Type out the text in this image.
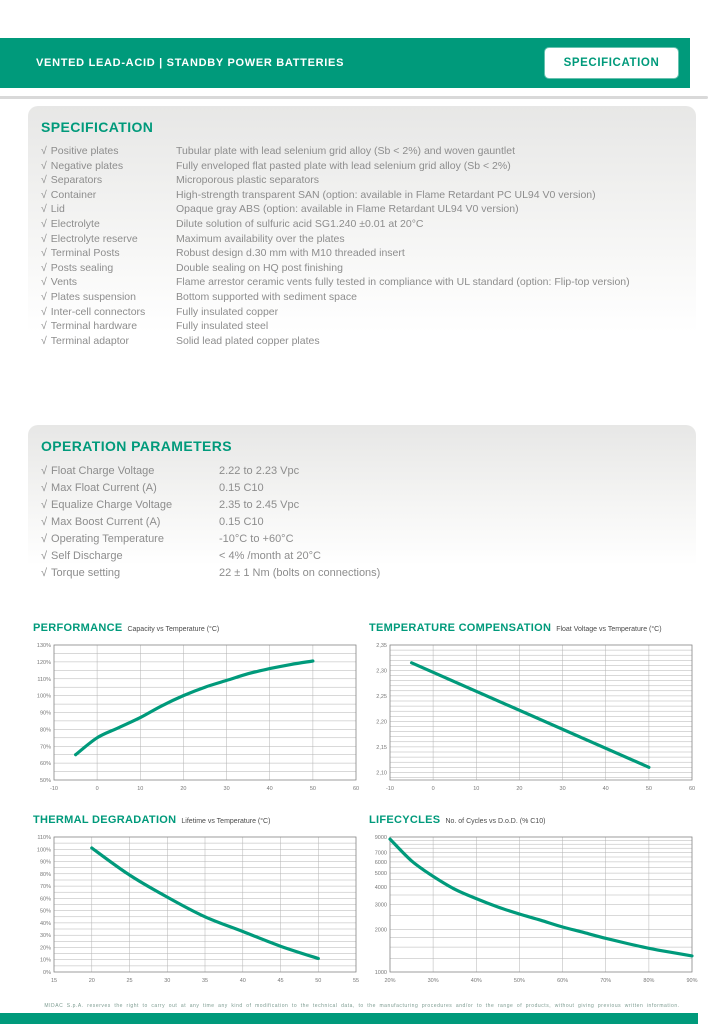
VENTED LEAD-ACID | STANDBY POWER BATTERIES	SPECIFICATION
SPECIFICATION
√ Positive plates	Tubular plate with lead selenium grid alloy (Sb < 2%) and woven gauntlet
√ Negative plates	Fully enveloped flat pasted plate with lead selenium grid alloy (Sb < 2%)
√ Separators	Microporous plastic separators
√ Container	High-strength transparent SAN (option: available in Flame Retardant PC UL94 V0 version)
√ Lid	Opaque gray ABS (option: available in Flame Retardant UL94 V0 version)
√ Electrolyte	Dilute solution of sulfuric acid SG1.240 ±0.01 at 20°C
√ Electrolyte reserve	Maximum availability over the plates
√ Terminal Posts	Robust design d.30 mm with M10 threaded insert
√ Posts sealing	Double sealing on HQ post finishing
√ Vents	Flame arrestor ceramic vents fully tested in compliance with UL standard (option: Flip-top version)
√ Plates suspension	Bottom supported with sediment space
√ Inter-cell connectors	Fully insulated copper
√ Terminal hardware	Fully insulated steel
√ Terminal adaptor	Solid lead plated copper plates
OPERATION PARAMETERS
√ Float Charge Voltage	2.22 to 2.23 Vpc
√ Max Float Current (A)	0.15 C10
√ Equalize Charge Voltage	2.35 to 2.45 Vpc
√ Max Boost Current (A)	0.15 C10
√ Operating Temperature	-10°C to +60°C
√ Self Discharge	< 4% /month at 20°C
√ Torque setting	22 ± 1 Nm (bolts on connections)
PERFORMANCE Capacity vs Temperature (°C)
130%
120%
110%
100%
90%
80%
70%
60%
50%
-10	0	10	20	30	40	50	60
TEMPERATURE COMPENSATION Float Voltage vs Temperature (°C)
2,35
2,30
2,25
2,20
2,15
2,10
-10	0	10	20	30	40	50	60
THERMAL DEGRADATION Lifetime vs Temperature (°C)
110%
100%
90%
80%
70%
60%
50%
40%
30%
20%
10%
0%
15	20	25	30	35	40	45	50	55
LIFECYCLES No. of Cycles vs D.o.D. (% C10)
9000
7000
6000
5000
4000
3000
2000
1000
20%	30%	40%	50%	60%	70%	80%	90%
MIDAC S.p.A. reserves the right to carry out at any time any kind of modification to the technical data, to the manufacturing procedures and/or to the range of products, without giving previous written information.
